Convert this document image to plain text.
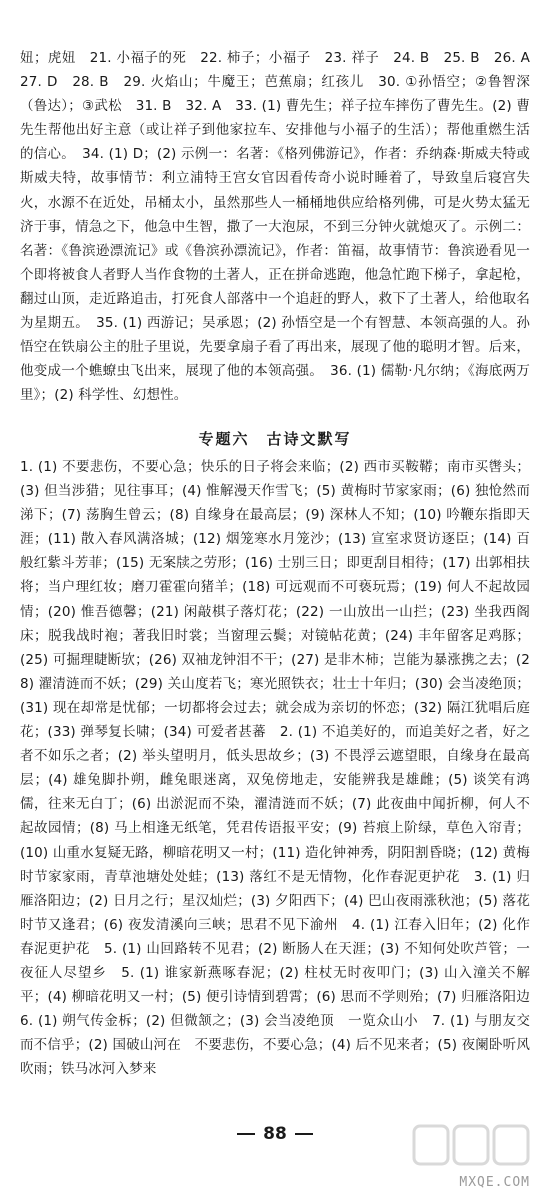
妞；虎妞　21. 小福子的死　22. 柿子；小福子　23. 祥子　24. B　25. B　26. A　27. D　28. B　29. 火焰山；牛魔王；芭蕉扇；红孩儿　30. ①孙悟空；②鲁智深（鲁达）；③武松　31. B　32. A　33. (1) 曹先生；祥子拉车摔伤了曹先生。(2) 曹先生帮他出好主意（或让祥子到他家拉车、安排他与小福子的生活）；帮他重燃生活的信心。　34. (1) D；(2) 示例一：名著：《格列佛游记》，作者：乔纳森·斯威夫特或斯威夫特，故事情节：利立浦特王宫女官因看传奇小说时睡着了，导致皇后寝宫失火，水源不在近处，吊桶太小，虽然那些人一桶桶地供应给格列佛，可是火势太猛无济于事，情急之下，他急中生智，撒了一大泡尿，不到三分钟火就熄灭了。示例二：名著：《鲁滨逊漂流记》或《鲁滨孙漂流记》，作者：笛福，故事情节：鲁滨逊看见一个即将被食人者野人当作食物的土著人，正在拼命逃跑，他急忙跑下梯子，拿起枪，翻过山顶，走近路追击，打死食人部落中一个追赶的野人，救下了土著人，给他取名为星期五。　35. (1) 西游记；吴承恩；(2) 孙悟空是一个有智慧、本领高强的人。孙悟空在铁扇公主的肚子里说，先要拿扇子看了再出来，展现了他的聪明才智。后来，他变成一个蟭蟟虫飞出来，展现了他的本领高强。　36. (1) 儒勒·凡尔纳；《海底两万里》；(2) 科学性、幻想性。

专题六　古诗文默写

1. (1) 不要悲伤，不要心急；快乐的日子将会来临；(2) 西市买鞍鞯；南市买辔头；(3) 但当涉猎；见往事耳；(4) 惟解漫天作雪飞；(5) 黄梅时节家家雨；(6) 独怆然而涕下；(7) 荡胸生曾云；(8) 自缘身在最高层；(9) 深林人不知；(10) 吟鞭东指即天涯；(11) 散入春风满洛城；(12) 烟笼寒水月笼沙；(13) 宣室求贤访逐臣；(14) 百般红紫斗芳菲；(15) 无案牍之劳形；(16) 士别三日；即更刮目相待；(17) 出郭相扶将；当户理红妆；磨刀霍霍向猪羊；(18) 可远观而不可亵玩焉；(19) 何人不起故园情；(20) 惟吾德馨；(21) 闲敲棋子落灯花；(22) 一山放出一山拦；(23) 坐我西阁床；脱我战时袍；著我旧时裳；当窗理云鬓；对镜帖花黄；(24) 丰年留客足鸡豚；(25) 可掘理睫断欤；(26) 双袖龙钟泪不干；(27) 是非木柿；岂能为暴涨携之去；(28) 濯清涟而不妖；(29) 关山度若飞；寒光照铁衣；壮士十年归；(30) 会当凌绝顶；(31) 现在却常是忧郁；一切都将会过去；就会成为亲切的怀恋；(32) 隔江犹唱后庭花；(33) 弹琴复长啸；(34) 可爱者甚蕃　2. (1) 不追美好的，而追美好之者，好之者不如乐之者；(2) 举头望明月，低头思故乡；(3) 不畏浮云遮望眼，自缘身在最高层；(4) 雄兔脚扑朔，雌兔眼迷离，双兔傍地走，安能辨我是雄雌；(5) 谈笑有鸿儒，往来无白丁；(6) 出淤泥而不染，濯清涟而不妖；(7) 此夜曲中闻折柳，何人不起故园情；(8) 马上相逢无纸笔，凭君传语报平安；(9) 苔痕上阶绿，草色入帘青；(10) 山重水复疑无路，柳暗花明又一村；(11) 造化钟神秀，阴阳割昏晓；(12) 黄梅时节家家雨，青草池塘处处蛙；(13) 落红不是无情物，化作春泥更护花　3. (1) 归雁洛阳边；(2) 日月之行；星汉灿烂；(3) 夕阳西下；(4) 巴山夜雨涨秋池；(5) 落花时节又逢君；(6) 夜发清溪向三峡；思君不见下渝州　4. (1) 江春入旧年；(2) 化作春泥更护花　5. (1) 山回路转不见君；(2) 断肠人在天涯；(3) 不知何处吹芦管；一夜征人尽望乡　5. (1) 谁家新燕啄春泥；(2) 柱杖无时夜叩门；(3) 山入潼关不解平；(4) 柳暗花明又一村；(5) 便引诗情到碧霄；(6) 思而不学则殆；(7) 归雁洛阳边　6. (1) 朔气传金柝；(2) 但微颔之；(3) 会当凌绝顶　一览众山小　7. (1) 与朋友交而不信乎；(2) 国破山河在　不要悲伤，不要心急；(4) 后不见来者；(5) 夜阑卧听风吹雨；铁马冰河入梦来

88
MXQE.COM
